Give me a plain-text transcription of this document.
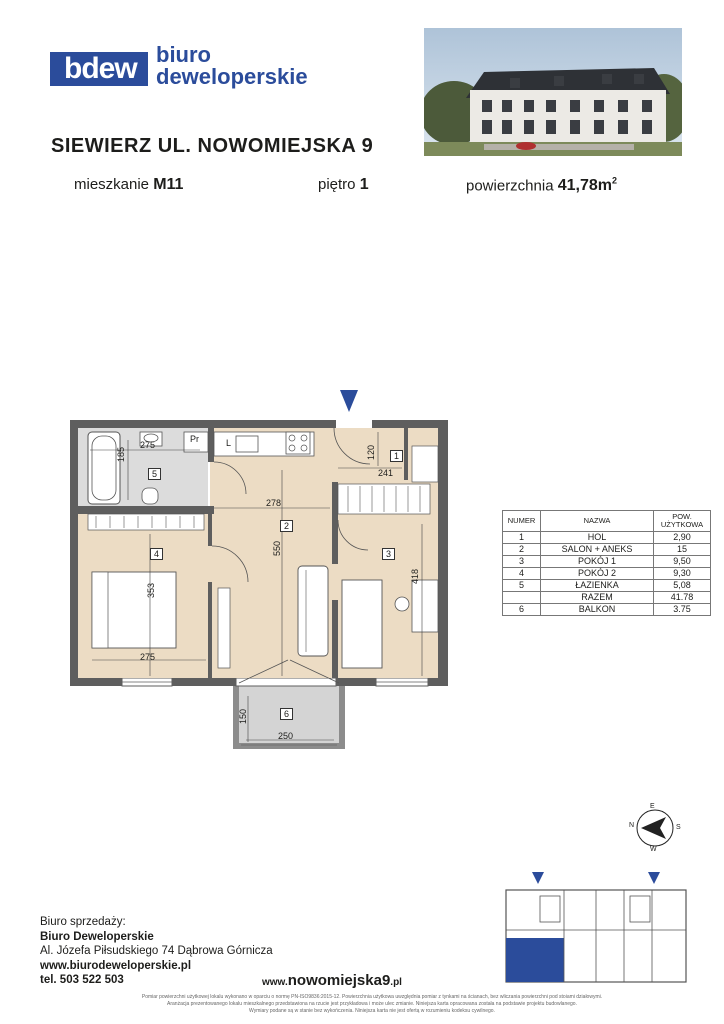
bdew biuro
deweloperskie
SIEWIERZ UL. NOWOMIEJSKA 9
mieszkanie M11	piętro 1	powierzchnia $41,78m^2$
Pr	L
5
1
2
3
4
6
275
185	120
241
278
550
418
353
275
150
250
NUMER	NAZWA	POW. UŻYTKOWA
1	HOL	2,90
2	SALON + ANEKS	15
3	POKÓJ 1	9,50
4	POKÓJ 2	9,30
5	ŁAZIENKA	5,08
	RAZEM	41.78
6	BALKON	3.75
E
N	S
W
Biuro sprzedaży:
Biuro Deweloperskie
Al. Józefa Piłsudskiego 74 Dąbrowa Górnicza
www.biurodeweloperskie.pl
tel. 503 522 503	www.nowomiejska9.pl
Pomiar powierzchni użytkowej lokalu wykonano w oparciu o normę PN-ISO9836:2015-12. Powierzchnia użytkowa uwzględnia pomiar z tynkami na ścianach, bez wliczania powierzchni pod stoiami działowymi.
Aranżacja prezentowanego lokalu mieszkalnego przedstawiona na rzucie jest przykładowa i może ulec zmianie. Niniejsza karta opracowana została na podstawie projektu budowlanego.
Wymiary podane są w stanie bez wykończenia. Niniejsza karta nie jest ofertą w rozumieniu kodeksu cywilnego.
